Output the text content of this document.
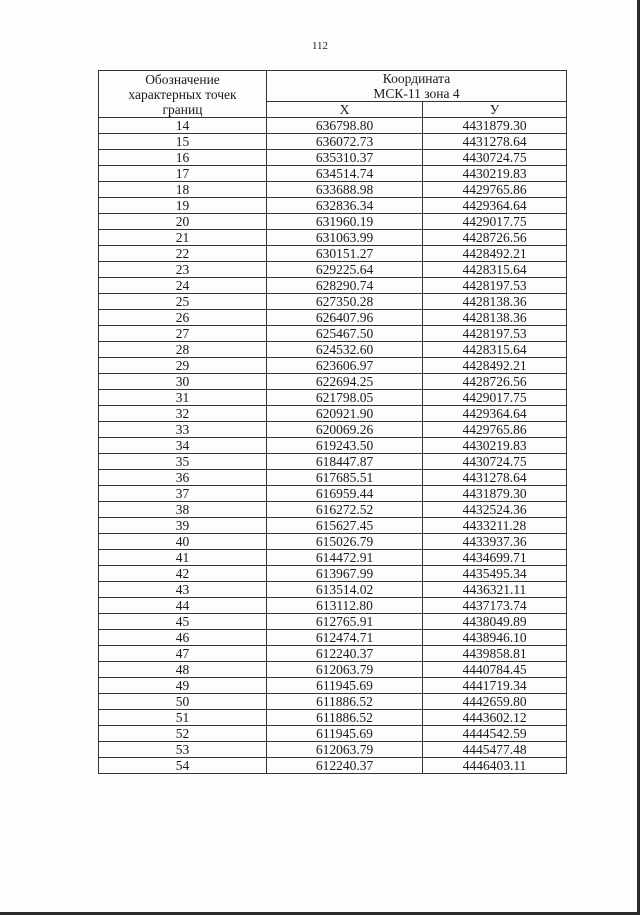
112
Обозначение
характерных точек
границ	Координата
МСК-11 зона 4	
	X	У
14	636798.80	4431879.30
15	636072.73	4431278.64
16	635310.37	4430724.75
17	634514.74	4430219.83
18	633688.98	4429765.86
19	632836.34	4429364.64
20	631960.19	4429017.75
21	631063.99	4428726.56
22	630151.27	4428492.21
23	629225.64	4428315.64
24	628290.74	4428197.53
25	627350.28	4428138.36
26	626407.96	4428138.36
27	625467.50	4428197.53
28	624532.60	4428315.64
29	623606.97	4428492.21
30	622694.25	4428726.56
31	621798.05	4429017.75
32	620921.90	4429364.64
33	620069.26	4429765.86
34	619243.50	4430219.83
35	618447.87	4430724.75
36	617685.51	4431278.64
37	616959.44	4431879.30
38	616272.52	4432524.36
39	615627.45	4433211.28
40	615026.79	4433937.36
41	614472.91	4434699.71
42	613967.99	4435495.34
43	613514.02	4436321.11
44	613112.80	4437173.74
45	612765.91	4438049.89
46	612474.71	4438946.10
47	612240.37	4439858.81
48	612063.79	4440784.45
49	611945.69	4441719.34
50	611886.52	4442659.80
51	611886.52	4443602.12
52	611945.69	4444542.59
53	612063.79	4445477.48
54	612240.37	4446403.11
